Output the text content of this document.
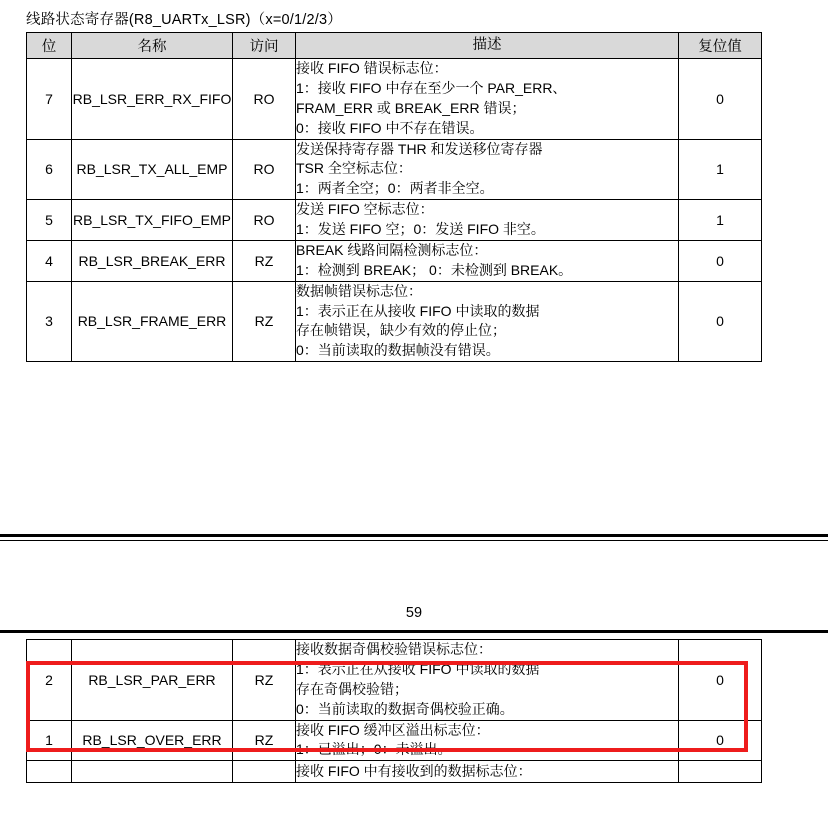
线路状态寄存器(R8_UARTx_LSR)（x=0/1/2/3）
位	名称	访问	描述	复位值
7	RB_LSR_ERR_RX_FIFO	RO	接收 FIFO 错误标志位：
1：接收 FIFO 中存在至少一个 PAR_ERR、
FRAM_ERR 或 BREAK_ERR 错误；
0：接收 FIFO 中不存在错误。	0
6	RB_LSR_TX_ALL_EMP	RO	发送保持寄存器 THR 和发送移位寄存器
TSR 全空标志位：
1：两者全空；0：两者非全空。	1
5	RB_LSR_TX_FIFO_EMP	RO	发送 FIFO 空标志位：
1：发送 FIFO 空；0：发送 FIFO 非空。	1
4	RB_LSR_BREAK_ERR	RZ	BREAK 线路间隔检测标志位：
1：检测到 BREAK； 0：未检测到 BREAK。	0
3	RB_LSR_FRAME_ERR	RZ	数据帧错误标志位：
1：表示正在从接收 FIFO 中读取的数据
存在帧错误，缺少有效的停止位；
0：当前读取的数据帧没有错误。	0
59
2	RB_LSR_PAR_ERR	RZ	接收数据奇偶校验错误标志位：
1：表示正在从接收 FIFO 中读取的数据
存在奇偶校验错；
0：当前读取的数据奇偶校验正确。	0
1	RB_LSR_OVER_ERR	RZ	接收 FIFO 缓冲区溢出标志位：
1：已溢出；0：未溢出。	0

			接收 FIFO 中有接收到的数据标志位：	
